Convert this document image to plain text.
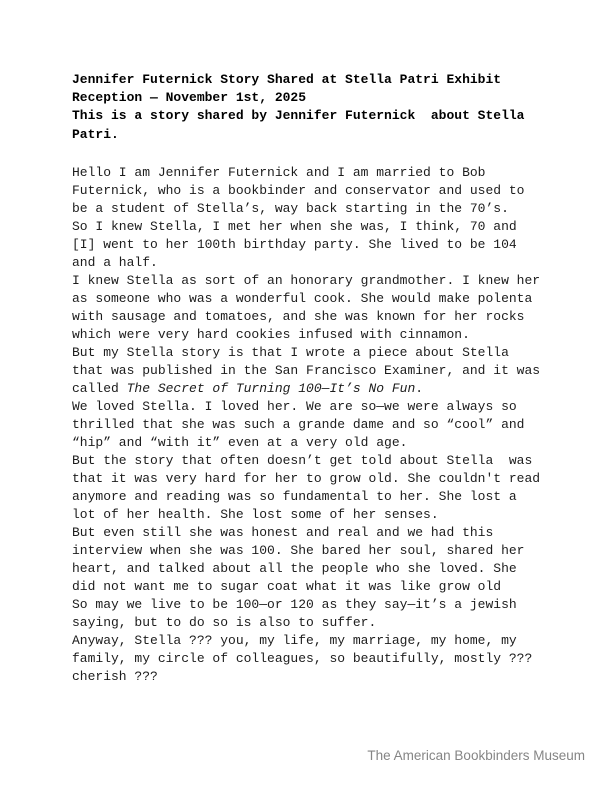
Jennifer Futernick Story Shared at Stella Patri Exhibit
Reception — November 1st, 2025
This is a story shared by Jennifer Futernick  about Stella
Patri.
Hello I am Jennifer Futernick and I am married to Bob
Futernick, who is a bookbinder and conservator and used to
be a student of Stella’s, way back starting in the 70’s.
So I knew Stella, I met her when she was, I think, 70 and
[I] went to her 100th birthday party. She lived to be 104
and a half.
I knew Stella as sort of an honorary grandmother. I knew her
as someone who was a wonderful cook. She would make polenta
with sausage and tomatoes, and she was known for her rocks
which were very hard cookies infused with cinnamon.
But my Stella story is that I wrote a piece about Stella
that was published in the San Francisco Examiner, and it was
called The Secret of Turning 100—It’s No Fun.
We loved Stella. I loved her. We are so—we were always so
thrilled that she was such a grande dame and so “cool” and
“hip” and “with it” even at a very old age.
But the story that often doesn’t get told about Stella  was
that it was very hard for her to grow old. She couldn't read
anymore and reading was so fundamental to her. She lost a
lot of her health. She lost some of her senses.
But even still she was honest and real and we had this
interview when she was 100. She bared her soul, shared her
heart, and talked about all the people who she loved. She
did not want me to sugar coat what it was like grow old
So may we live to be 100—or 120 as they say—it’s a jewish
saying, but to do so is also to suffer.
Anyway, Stella ??? you, my life, my marriage, my home, my
family, my circle of colleagues, so beautifully, mostly ???
cherish ???
The American Bookbinders Museum
